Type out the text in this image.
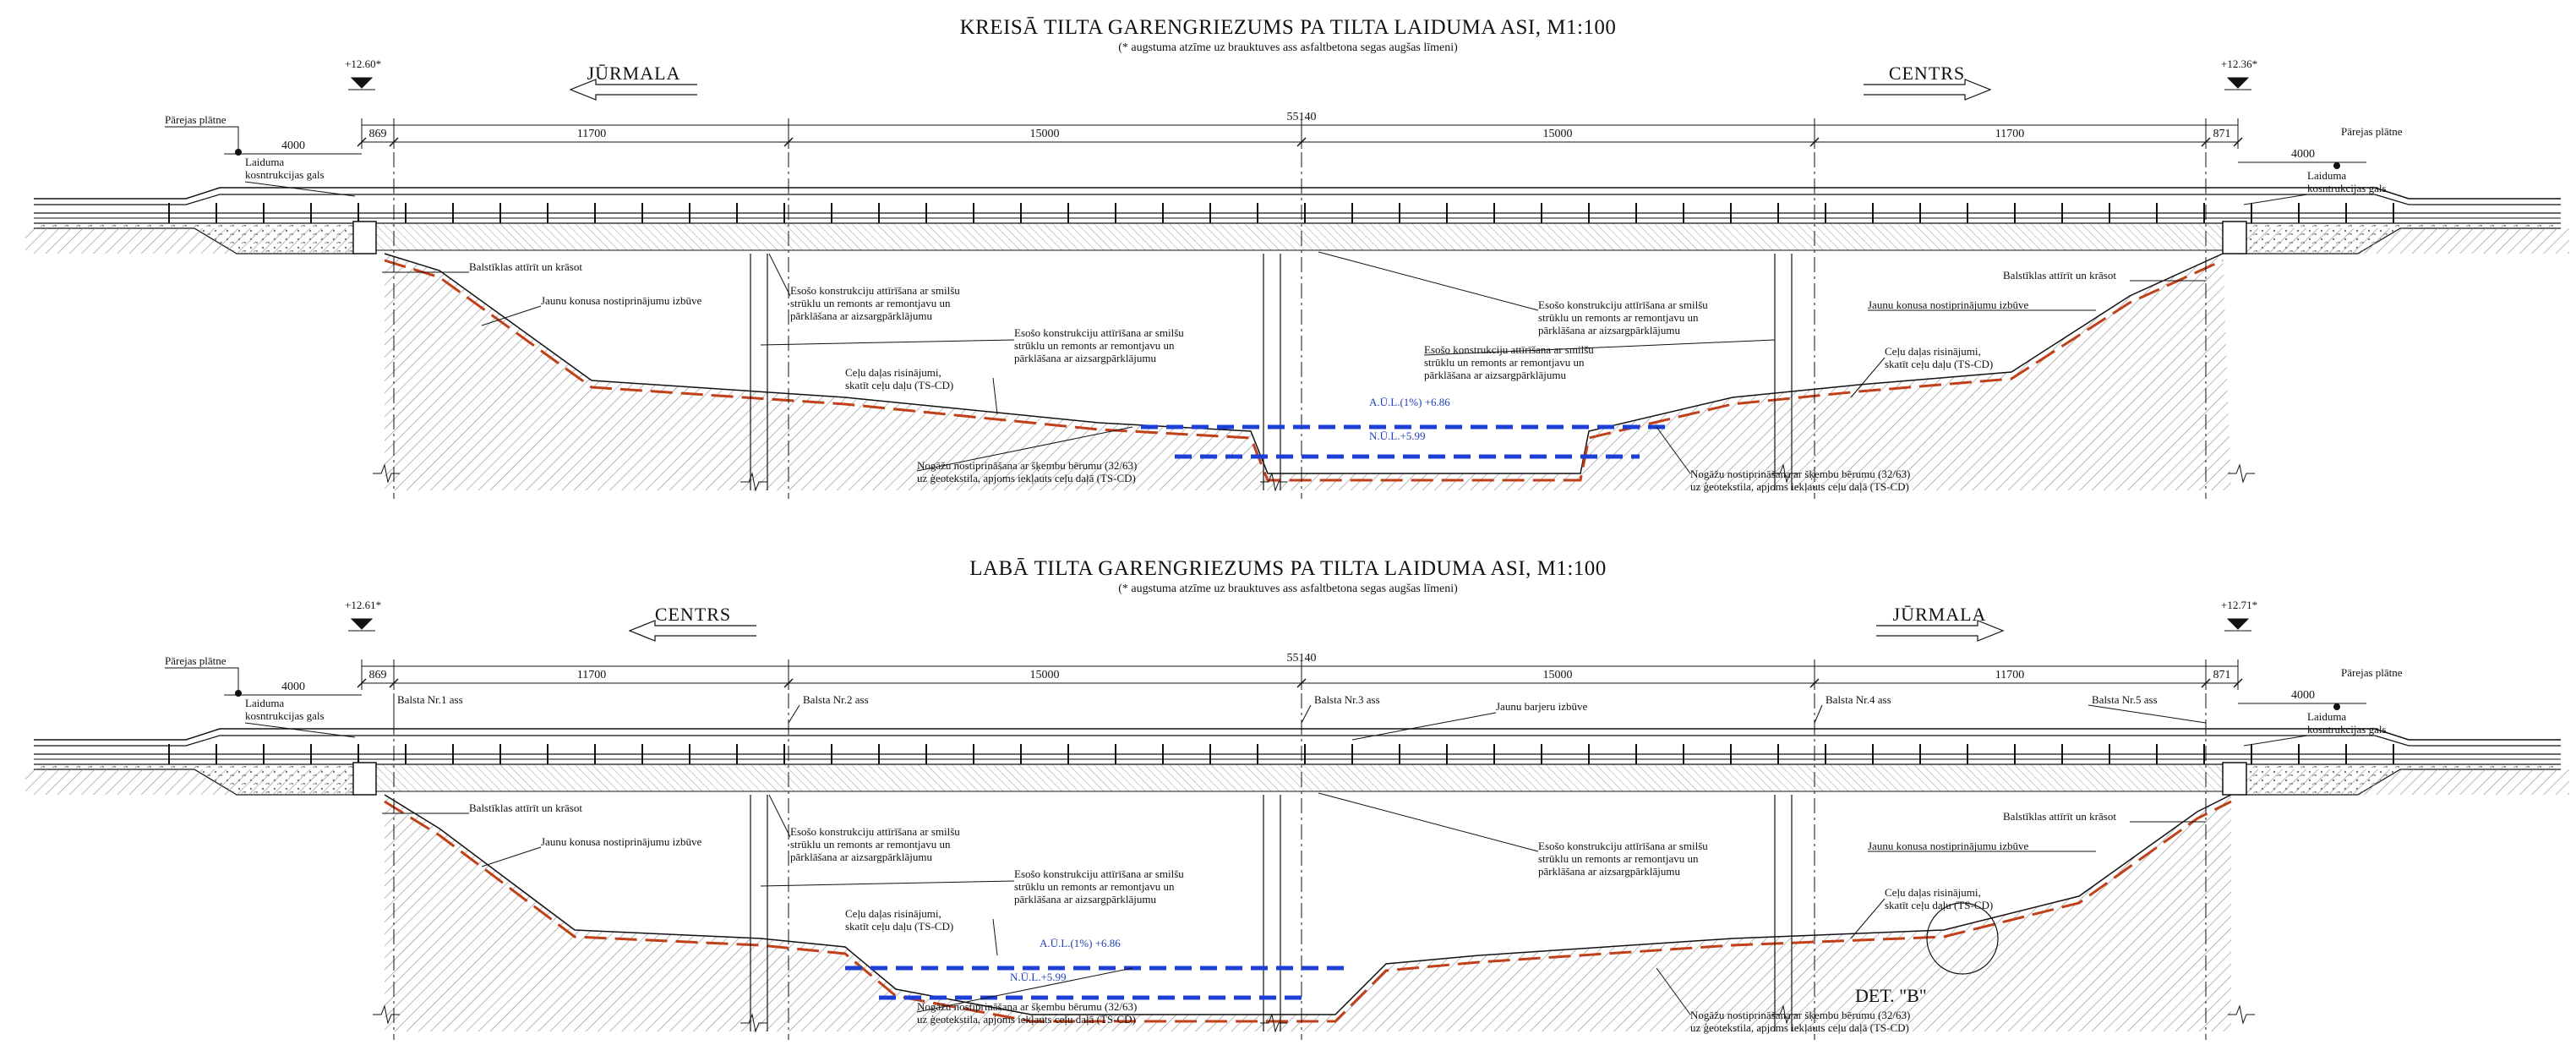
KREISĀ TILTA GARENGRIEZUMS PA TILTA LAIDUMA ASI, M1:100
(* augstuma atzīme uz brauktuves ass asfaltbetona segas augšas līmeni)
JŪRMALA	CENTRS
+12.60*	+12.36*
55140
869	11700	15000	15000	11700	871
4000
4000
Pārejas plātne
Pārejas plātne
Laiduma kosntrukcijas gals	Laiduma kosntrukcijas gals
A.Ū.L.(1%) +6.86
N.Ū.L.+5.99
Balstīklas attīrīt un krāsot
Balstīklas attīrīt un krāsot
Jaunu konusa nostiprinājumu izbūve	Jaunu konusa nostiprinājumu izbūve
Esošo konstrukciju attīrīšana ar smilšu strūklu un remonts ar remontjavu un pārklāšana ar aizsargpārklājumu
Esošo konstrukciju attīrīšana ar smilšu strūklu un remonts ar remontjavu un pārklāšana ar aizsargpārklājumu
Esošo konstrukciju attīrīšana ar smilšu strūklu un remonts ar remontjavu un pārklāšana ar aizsargpārklājumu
Esošo konstrukciju attīrīšana ar smilšu strūklu un remonts ar remontjavu un pārklāšana ar aizsargpārklājumu
Ceļu daļas risinājumi, skatīt ceļu daļu (TS-CD)
Ceļu daļas risinājumi, skatīt ceļu daļu (TS-CD)
Nogāžu nostiprināšana ar šķembu bērumu (32/63) uz ģeotekstila, apjoms iekļauts ceļu daļā (TS-CD)	Nogāžu nostiprināšana ar šķembu bērumu (32/63) uz ģeotekstila, apjoms iekļauts ceļu daļā (TS-CD)
LABĀ TILTA GARENGRIEZUMS PA TILTA LAIDUMA ASI, M1:100
(* augstuma atzīme uz brauktuves ass asfaltbetona segas augšas līmeni)
CENTRS	JŪRMALA
+12.61*	+12.71*
55140
869	11700	15000	15000	11700	871
4000
4000
Pārejas plātne
Pārejas plātne
Laiduma kosntrukcijas gals	Laiduma kosntrukcijas gals
A.Ū.L.(1%) +6.86
N.Ū.L.+5.99
Balstīklas attīrīt un krāsot
Balstīklas attīrīt un krāsot
Jaunu konusa nostiprinājumu izbūve	Jaunu konusa nostiprinājumu izbūve
Esošo konstrukciju attīrīšana ar smilšu strūklu un remonts ar remontjavu un pārklāšana ar aizsargpārklājumu
Esošo konstrukciju attīrīšana ar smilšu strūklu un remonts ar remontjavu un pārklāšana ar aizsargpārklājumu
Esošo konstrukciju attīrīšana ar smilšu strūklu un remonts ar remontjavu un pārklāšana ar aizsargpārklājumu
Ceļu daļas risinājumi, skatīt ceļu daļu (TS-CD)
Ceļu daļas risinājumi, skatīt ceļu daļu (TS-CD)
Nogāžu nostiprināšana ar šķembu bērumu (32/63) uz ģeotekstila, apjoms iekļauts ceļu daļā (TS-CD)	Nogāžu nostiprināšana ar šķembu bērumu (32/63) uz ģeotekstila, apjoms iekļauts ceļu daļā (TS-CD)
Balsta Nr.1 ass	Balsta Nr.2 ass	Balsta Nr.3 ass	Balsta Nr.4 ass	Balsta Nr.5 ass
Jaunu barjeru izbūve
DET. "B"
